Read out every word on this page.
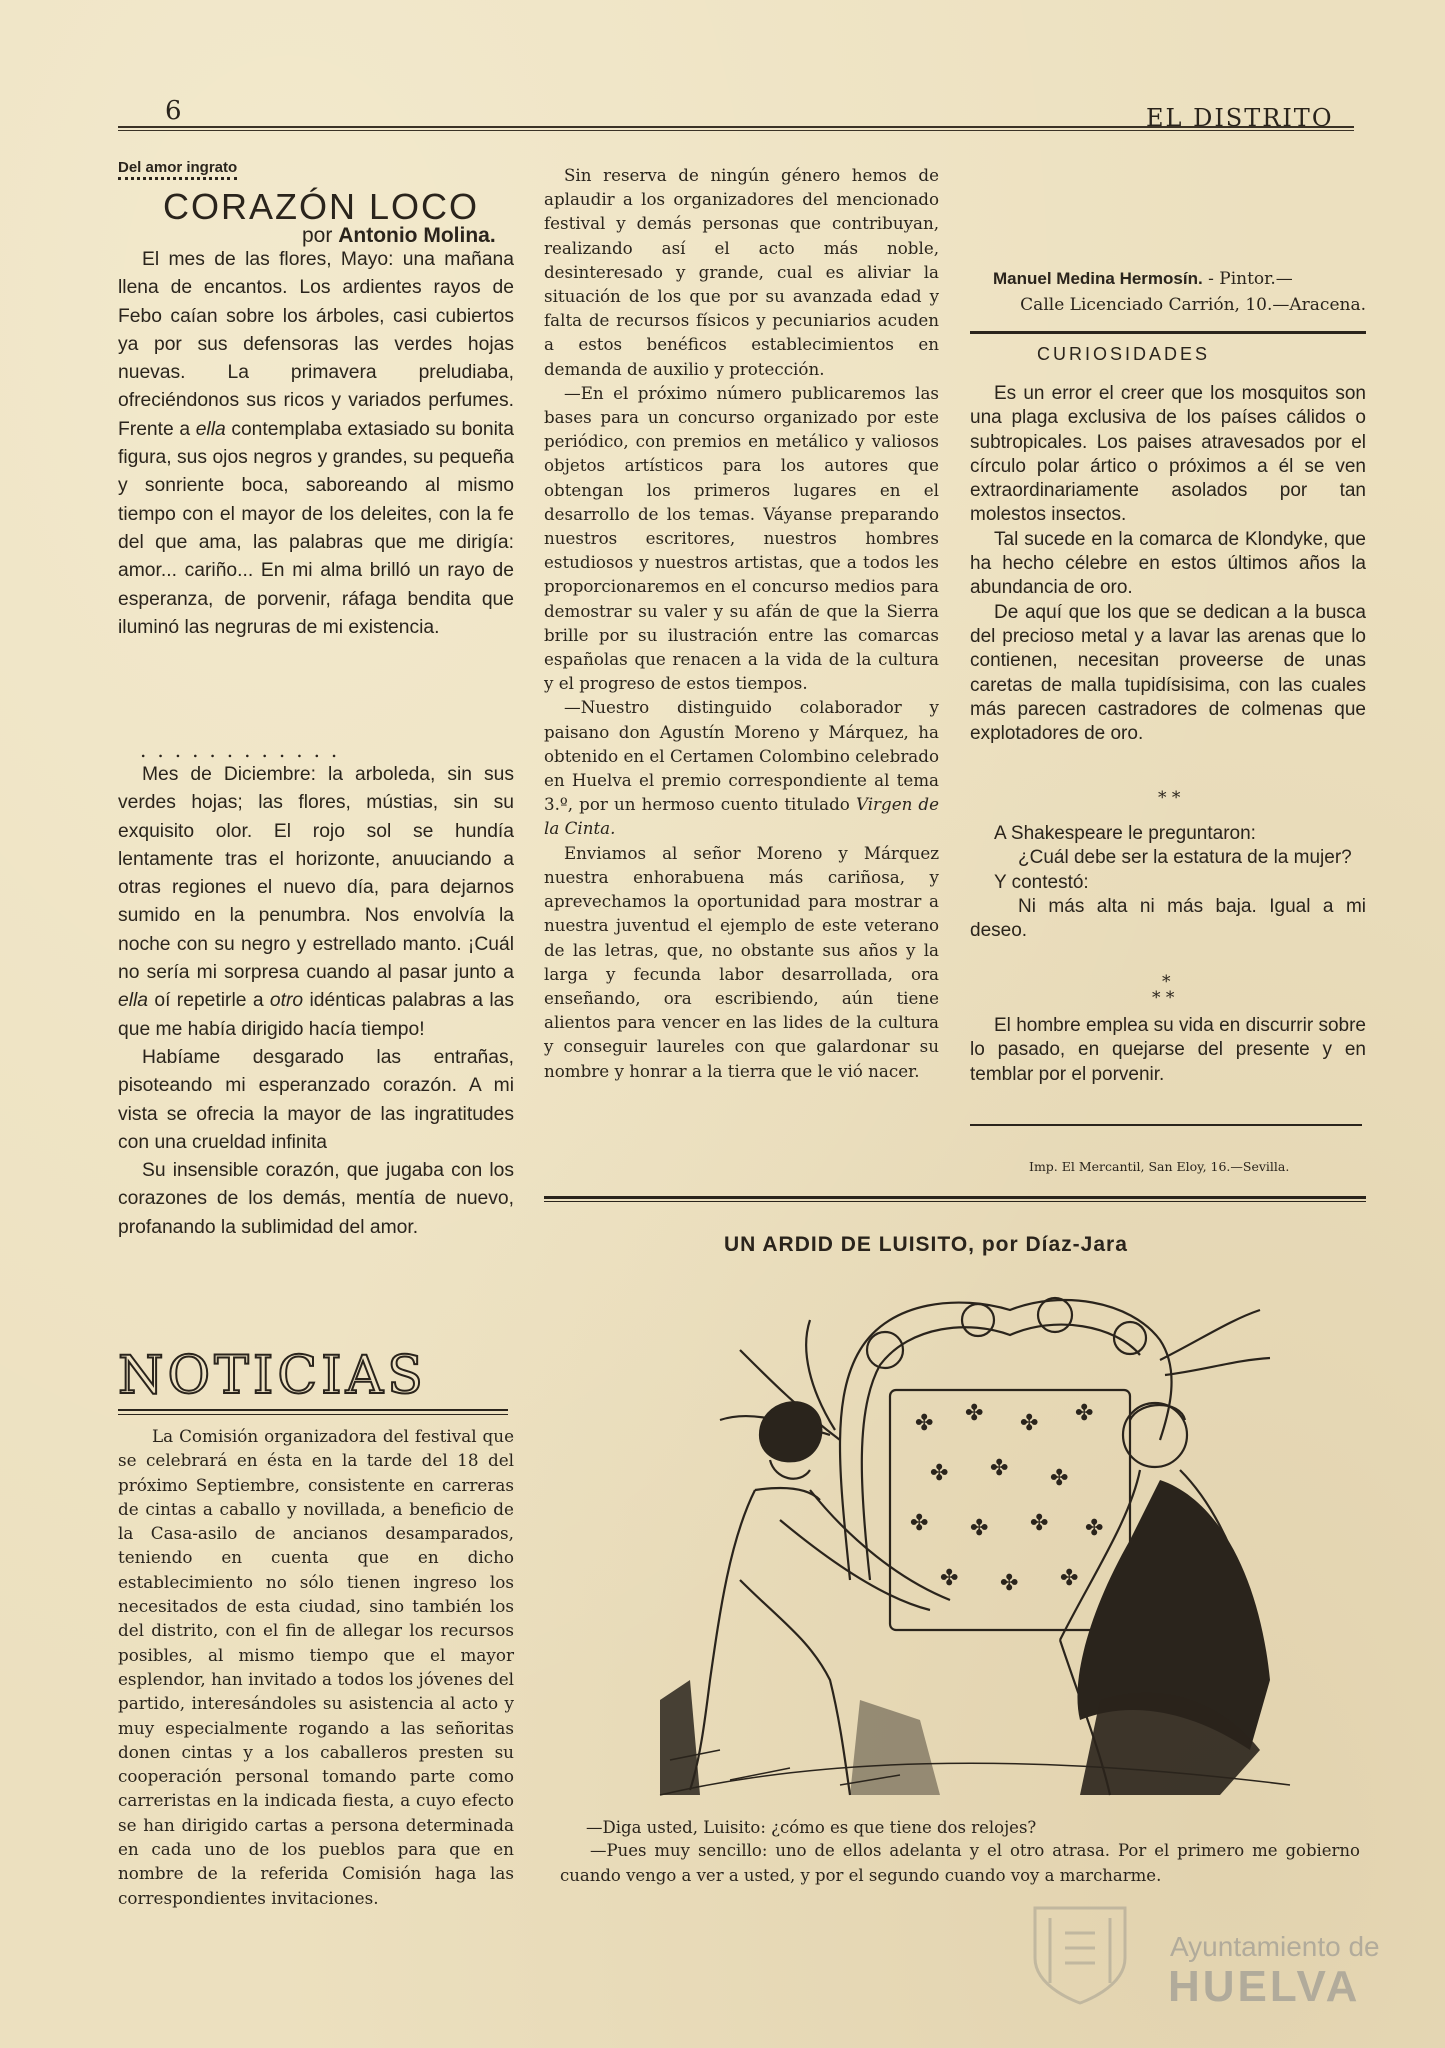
6	EL DISTRITO
Del amor ingrato
CORAZÓN LOCO
por Antonio Molina.

El mes de las flores, Mayo: una mañana llena de encantos. Los ardientes rayos de Febo caían sobre los árboles, casi cubiertos ya por sus defensoras las verdes hojas nuevas. La primavera preludiaba, ofreciéndonos sus ricos y variados perfumes. Frente a ella contemplaba extasiado su bonita figura, sus ojos negros y grandes, su pequeña y sonriente boca, saboreando al mismo tiempo con el mayor de los deleites, con la fe del que ama, las palabras que me dirigía: amor... cariño... En mi alma brilló un rayo de esperanza, de porvenir, ráfaga bendita que iluminó las negruras de mi existencia.

............

Mes de Diciembre: la arboleda, sin sus verdes hojas; las flores, mústias, sin su exquisito olor. El rojo sol se hundía lentamente tras el horizonte, anuuciando a otras regiones el nuevo día, para dejarnos sumido en la penumbra. Nos envolvía la noche con su negro y estrellado manto. ¡Cuál no sería mi sorpresa cuando al pasar junto a ella oí repetirle a otro idénticas palabras a las que me había dirigido hacía tiempo!

Habíame desgarado las entrañas, pisoteando mi esperanzado corazón. A mi vista se ofrecia la mayor de las ingratitudes con una crueldad infinita

Su insensible corazón, que jugaba con los corazones de los demás, mentía de nuevo, profanando la sublimidad del amor.

NOTICIAS

La Comisión organizadora del festival que se celebrará en ésta en la tarde del 18 del próximo Septiembre, consistente en carreras de cintas a caballo y novillada, a beneficio de la Casa-asilo de ancianos desamparados, teniendo en cuenta que en dicho establecimiento no sólo tienen ingreso los necesitados de esta ciudad, sino también los del distrito, con el fin de allegar los recursos posibles, al mismo tiempo que el mayor esplendor, han invitado a todos los jóvenes del partido, interesándoles su asistencia al acto y muy especialmente rogando a las señoritas donen cintas y a los caballeros presten su cooperación personal tomando parte como carreristas en la indicada fiesta, a cuyo efecto se han dirigido cartas a persona determinada en cada uno de los pueblos para que en nombre de la referida Comisión haga las correspondientes invitaciones.

Sin reserva de ningún género hemos de aplaudir a los organizadores del mencionado festival y demás personas que contribuyan, realizando así el acto más noble, desinteresado y grande, cual es aliviar la situación de los que por su avanzada edad y falta de recursos físicos y pecuniarios acuden a estos benéficos establecimientos en demanda de auxilio y protección.

—En el próximo número publicaremos las bases para un concurso organizado por este periódico, con premios en metálico y valiosos objetos artísticos para los autores que obtengan los primeros lugares en el desarrollo de los temas. Váyanse preparando nuestros escritores, nuestros hombres estudiosos y nuestros artistas, que a todos les proporcionaremos en el concurso medios para demostrar su valer y su afán de que la Sierra brille por su ilustración entre las comarcas españolas que renacen a la vida de la cultura y el progreso de estos tiempos.

—Nuestro distinguido colaborador y paisano don Agustín Moreno y Márquez, ha obtenido en el Certamen Colombino celebrado en Huelva el premio correspondiente al tema 3.º, por un hermoso cuento titulado Virgen de la Cinta.

Enviamos al señor Moreno y Márquez nuestra enhorabuena más cariñosa, y aprevechamos la oportunidad para mostrar a nuestra juventud el ejemplo de este veterano de las letras, que, no obstante sus años y la larga y fecunda labor desarrollada, ora enseñando, ora escribiendo, aún tiene alientos para vencer en las lides de la cultura y conseguir laureles con que galardonar su nombre y honrar a la tierra que le vió nacer.

Manuel Medina Hermosín. - Pintor.—
Calle Licenciado Carrión, 10.—Aracena.
CURIOSIDADES

Es un error el creer que los mosquitos son una plaga exclusiva de los países cálidos o subtropicales. Los paises atravesados por el círculo polar ártico o próximos a él se ven extraordinariamente asolados por tan molestos insectos.

Tal sucede en la comarca de Klondyke, que ha hecho célebre en estos últimos años la abundancia de oro.

De aquí que los que se dedican a la busca del precioso metal y a lavar las arenas que lo contienen, necesitan proveerse de unas caretas de malla tupidísisima, con las cuales más parecen castradores de colmenas que explotadores de oro.

* *

A Shakespeare le preguntaron:

¿Cuál debe ser la estatura de la mujer?

Y contestó:

Ni más alta ni más baja. Igual a mi deseo.

*
* *

El hombre emplea su vida en discurrir sobre lo pasado, en quejarse del presente y en temblar por el porvenir.

Imp. El Mercantil, San Eloy, 16.—Sevilla.
UN ARDID DE LUISITO, por Díaz-Jara
✤ ✤ ✤ ✤
✤ ✤ ✤
✤ ✤ ✤ ✤
✤ ✤ ✤
—Diga usted, Luisito: ¿cómo es que tiene dos relojes?
—Pues muy sencillo: uno de ellos adelanta y el otro atrasa. Por el primero me gobierno cuando vengo a ver a usted, y por el segundo cuando voy a marcharme.
Ayuntamiento de
HUELVA
